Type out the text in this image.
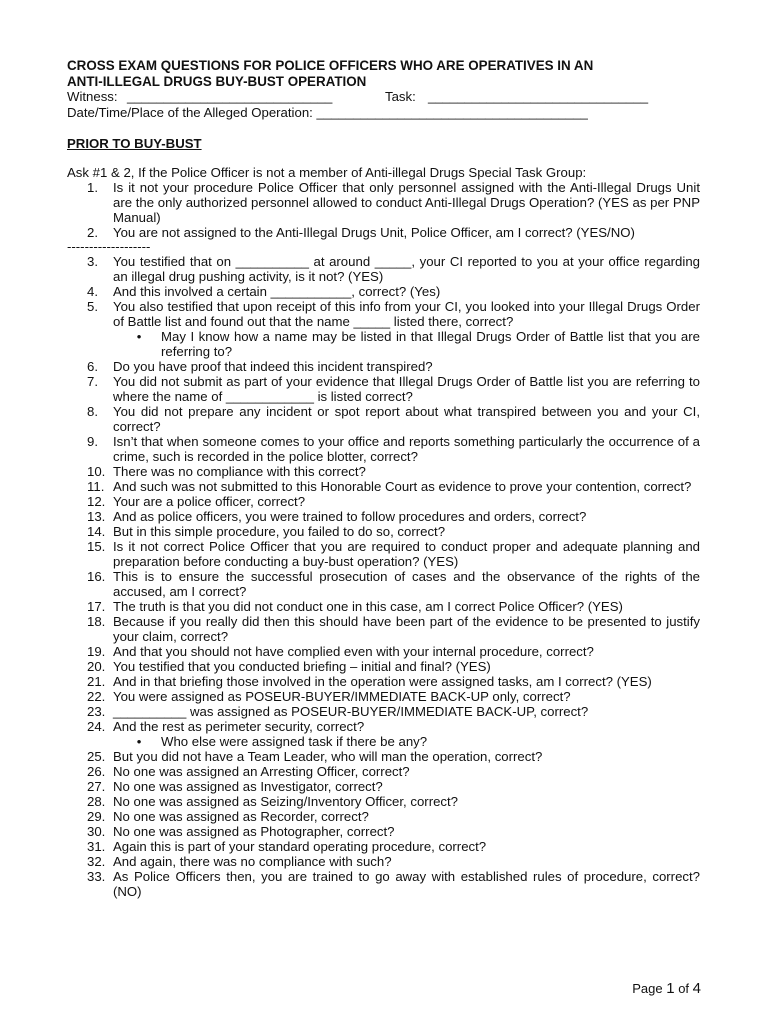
CROSS EXAM QUESTIONS FOR POLICE OFFICERS WHO ARE OPERATIVES IN AN
ANTI-ILLEGAL DRUGS BUY-BUST OPERATION
Witness: ____________________________	Task: ______________________________
Date/Time/Place of the Alleged Operation: _____________________________________
PRIOR TO BUY-BUST
Ask #1 & 2, If the Police Officer is not a member of Anti-illegal Drugs Special Task Group:
1.	Is it not your procedure Police Officer that only personnel assigned with the Anti-Illegal Drugs Unit are the only authorized personnel allowed to conduct Anti-Illegal Drugs Operation? (YES as per PNP Manual)
2.	You are not assigned to the Anti-Illegal Drugs Unit, Police Officer, am I correct? (YES/NO)
-------------------
3.	You testified that on __________ at around _____, your CI reported to you at your office regarding an illegal drug pushing activity, is it not? (YES)
4.	And this involved a certain ___________, correct? (Yes)
5.	You also testified that upon receipt of this info from your CI, you looked into your Illegal Drugs Order of Battle list and found out that the name _____ listed there, correct?
•	May I know how a name may be listed in that Illegal Drugs Order of Battle list that you are referring to?
6.	Do you have proof that indeed this incident transpired?
7.	You did not submit as part of your evidence that Illegal Drugs Order of Battle list you are referring to where the name of ____________ is listed correct?
8.	You did not prepare any incident or spot report about what transpired between you and your CI, correct?
9.	Isn’t that when someone comes to your office and reports something particularly the occurrence of a crime, such is recorded in the police blotter, correct?
10. There was no compliance with this correct?
11. And such was not submitted to this Honorable Court as evidence to prove your contention, correct?
12. Your are a police officer, correct?
13. And as police officers, you were trained to follow procedures and orders, correct?
14. But in this simple procedure, you failed to do so, correct?
15. Is it not correct Police Officer that you are required to conduct proper and adequate planning and preparation before conducting a buy-bust operation? (YES)
16. This is to ensure the successful prosecution of cases and the observance of the rights of the accused, am I correct?
17. The truth is that you did not conduct one in this case, am I correct Police Officer? (YES)
18. Because if you really did then this should have been part of the evidence to be presented to justify your claim, correct?
19. And that you should not have complied even with your internal procedure, correct?
20. You testified that you conducted briefing – initial and final? (YES)
21. And in that briefing those involved in the operation were assigned tasks, am I correct? (YES)
22. You were assigned as POSEUR-BUYER/IMMEDIATE BACK-UP only, correct?
23. __________ was assigned as POSEUR-BUYER/IMMEDIATE BACK-UP, correct?
24. And the rest as perimeter security, correct?
•	Who else were assigned task if there be any?
25. But you did not have a Team Leader, who will man the operation, correct?
26. No one was assigned an Arresting Officer, correct?
27. No one was assigned as Investigator, correct?
28. No one was assigned as Seizing/Inventory Officer, correct?
29. No one was assigned as Recorder, correct?
30. No one was assigned as Photographer, correct?
31. Again this is part of your standard operating procedure, correct?
32. And again, there was no compliance with such?
33. As Police Officers then, you are trained to go away with established rules of procedure, correct? (NO)
Page 1 of 4
